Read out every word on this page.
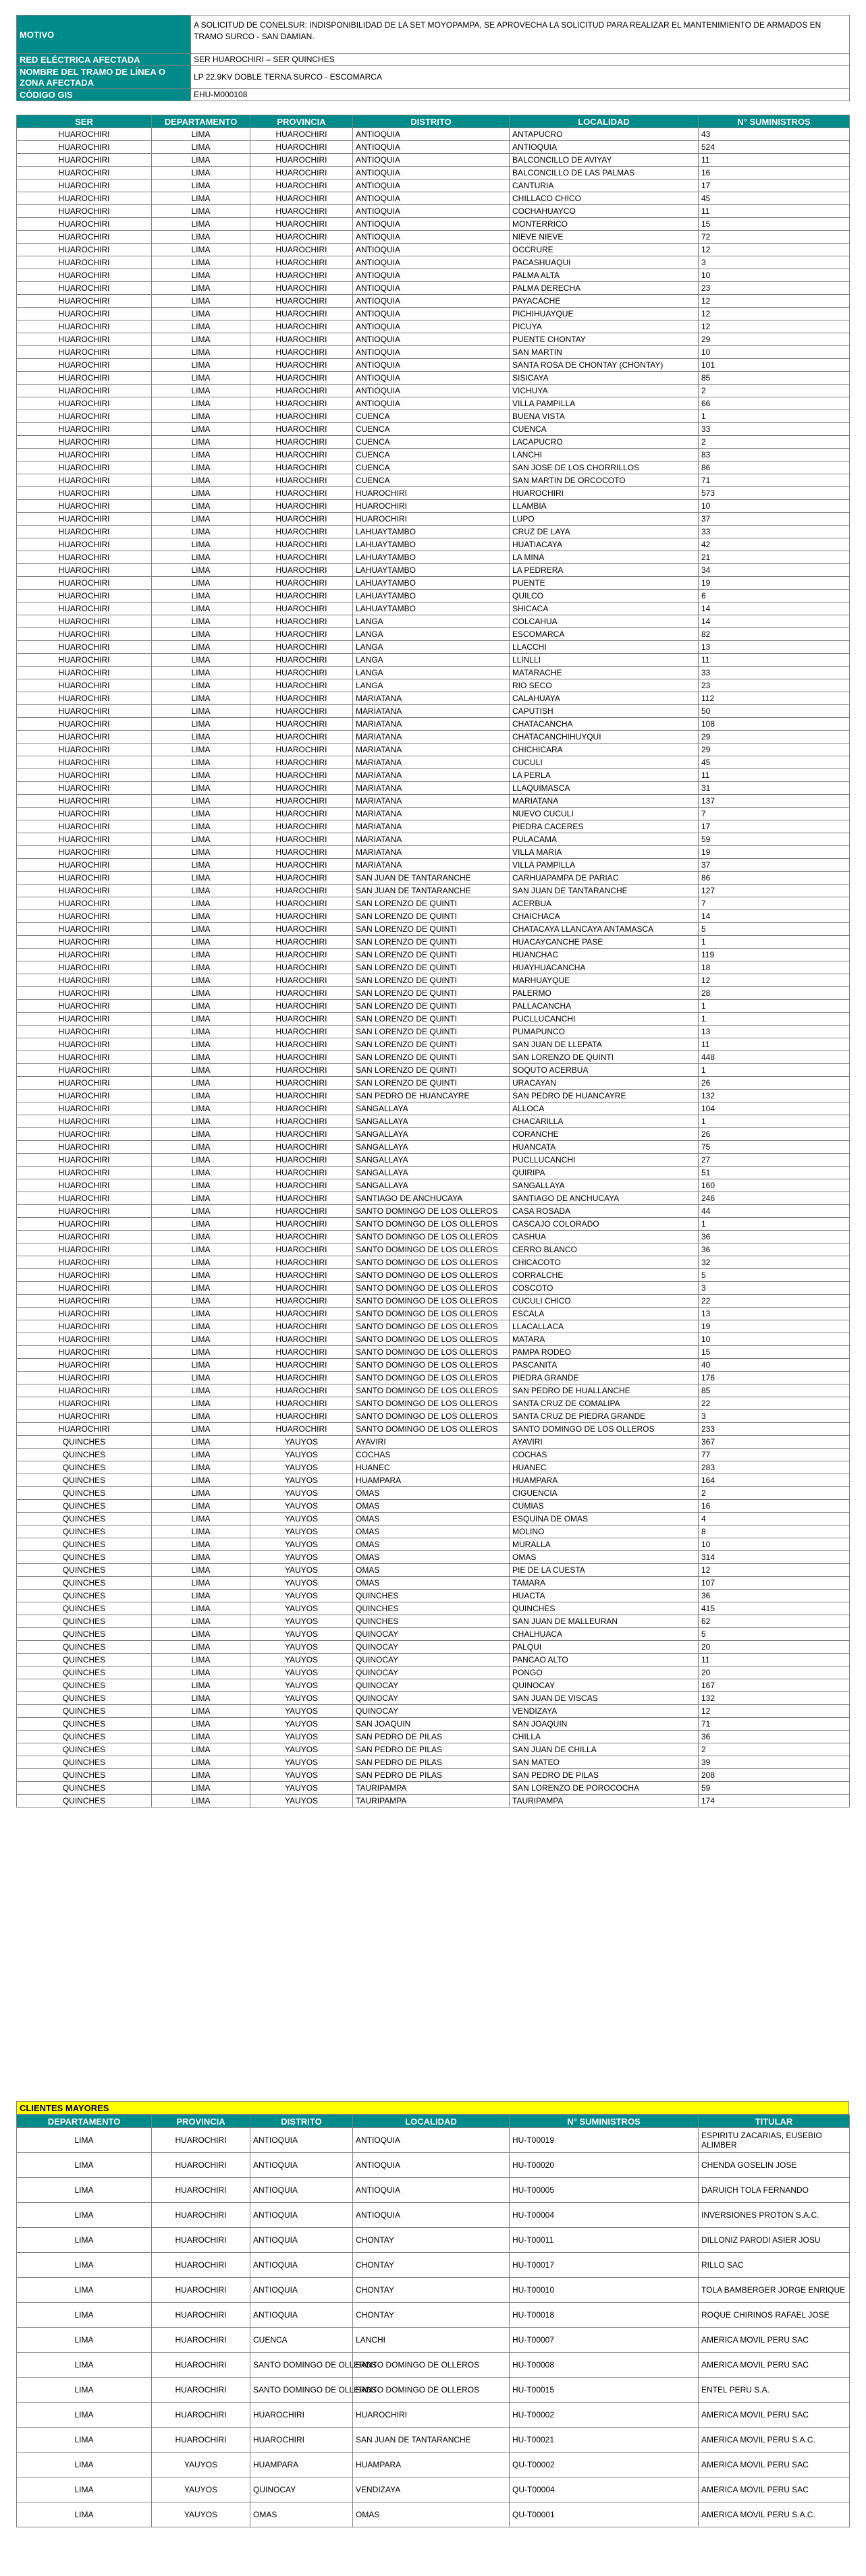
MOTIVO	A SOLICITUD DE CONELSUR: INDISPONIBILIDAD DE LA SET MOYOPAMPA, SE APROVECHA LA SOLICITUD PARA REALIZAR EL MANTENIMIENTO DE ARMADOS EN TRAMO SURCO - SAN DAMIAN.
RED ELÉCTRICA AFECTADA	SER HUAROCHIRI – SER QUINCHES
NOMBRE DEL TRAMO DE LÍNEA O ZONA AFECTADA	LP 22.9KV DOBLE TERNA SURCO - ESCOMARCA
CÓDIGO GIS	EHU-M000108
SER	DEPARTAMENTO	PROVINCIA	DISTRITO	LOCALIDAD	N° SUMINISTROS
HUAROCHIRI	LIMA	HUAROCHIRI	ANTIOQUIA	ANTAPUCRO	43
HUAROCHIRI	LIMA	HUAROCHIRI	ANTIOQUIA	ANTIOQUIA	524
HUAROCHIRI	LIMA	HUAROCHIRI	ANTIOQUIA	BALCONCILLO DE AVIYAY	11
HUAROCHIRI	LIMA	HUAROCHIRI	ANTIOQUIA	BALCONCILLO DE LAS PALMAS	16
HUAROCHIRI	LIMA	HUAROCHIRI	ANTIOQUIA	CANTURIA	17
HUAROCHIRI	LIMA	HUAROCHIRI	ANTIOQUIA	CHILLACO CHICO	45
HUAROCHIRI	LIMA	HUAROCHIRI	ANTIOQUIA	COCHAHUAYCO	11
HUAROCHIRI	LIMA	HUAROCHIRI	ANTIOQUIA	MONTERRICO	15
HUAROCHIRI	LIMA	HUAROCHIRI	ANTIOQUIA	NIEVE NIEVE	72
HUAROCHIRI	LIMA	HUAROCHIRI	ANTIOQUIA	OCCRURE	12
HUAROCHIRI	LIMA	HUAROCHIRI	ANTIOQUIA	PACASHUAQUI	3
HUAROCHIRI	LIMA	HUAROCHIRI	ANTIOQUIA	PALMA ALTA	10
HUAROCHIRI	LIMA	HUAROCHIRI	ANTIOQUIA	PALMA DERECHA	23
HUAROCHIRI	LIMA	HUAROCHIRI	ANTIOQUIA	PAYACACHE	12
HUAROCHIRI	LIMA	HUAROCHIRI	ANTIOQUIA	PICHIHUAYQUE	12
HUAROCHIRI	LIMA	HUAROCHIRI	ANTIOQUIA	PICUYA	12
HUAROCHIRI	LIMA	HUAROCHIRI	ANTIOQUIA	PUENTE CHONTAY	29
HUAROCHIRI	LIMA	HUAROCHIRI	ANTIOQUIA	SAN MARTIN	10
HUAROCHIRI	LIMA	HUAROCHIRI	ANTIOQUIA	SANTA ROSA DE CHONTAY (CHONTAY)	101
HUAROCHIRI	LIMA	HUAROCHIRI	ANTIOQUIA	SISICAYA	85
HUAROCHIRI	LIMA	HUAROCHIRI	ANTIOQUIA	VICHUYA	2
HUAROCHIRI	LIMA	HUAROCHIRI	ANTIOQUIA	VILLA PAMPILLA	66
HUAROCHIRI	LIMA	HUAROCHIRI	CUENCA	BUENA VISTA	1
HUAROCHIRI	LIMA	HUAROCHIRI	CUENCA	CUENCA	33
HUAROCHIRI	LIMA	HUAROCHIRI	CUENCA	LACAPUCRO	2
HUAROCHIRI	LIMA	HUAROCHIRI	CUENCA	LANCHI	83
HUAROCHIRI	LIMA	HUAROCHIRI	CUENCA	SAN JOSE DE LOS CHORRILLOS	86
HUAROCHIRI	LIMA	HUAROCHIRI	CUENCA	SAN MARTIN DE ORCOCOTO	71
HUAROCHIRI	LIMA	HUAROCHIRI	HUAROCHIRI	HUAROCHIRI	573
HUAROCHIRI	LIMA	HUAROCHIRI	HUAROCHIRI	LLAMBIA	10
HUAROCHIRI	LIMA	HUAROCHIRI	HUAROCHIRI	LUPO	37
HUAROCHIRI	LIMA	HUAROCHIRI	LAHUAYTAMBO	CRUZ DE LAYA	33
HUAROCHIRI	LIMA	HUAROCHIRI	LAHUAYTAMBO	HUATIACAYA	42
HUAROCHIRI	LIMA	HUAROCHIRI	LAHUAYTAMBO	LA MINA	21
HUAROCHIRI	LIMA	HUAROCHIRI	LAHUAYTAMBO	LA PEDRERA	34
HUAROCHIRI	LIMA	HUAROCHIRI	LAHUAYTAMBO	PUENTE	19
HUAROCHIRI	LIMA	HUAROCHIRI	LAHUAYTAMBO	QUILCO	6
HUAROCHIRI	LIMA	HUAROCHIRI	LAHUAYTAMBO	SHICACA	14
HUAROCHIRI	LIMA	HUAROCHIRI	LANGA	COLCAHUA	14
HUAROCHIRI	LIMA	HUAROCHIRI	LANGA	ESCOMARCA	82
HUAROCHIRI	LIMA	HUAROCHIRI	LANGA	LLACCHI	13
HUAROCHIRI	LIMA	HUAROCHIRI	LANGA	LLINLLI	11
HUAROCHIRI	LIMA	HUAROCHIRI	LANGA	MATARACHE	33
HUAROCHIRI	LIMA	HUAROCHIRI	LANGA	RIO SECO	23
HUAROCHIRI	LIMA	HUAROCHIRI	MARIATANA	CALAHUAYA	112
HUAROCHIRI	LIMA	HUAROCHIRI	MARIATANA	CAPUTISH	50
HUAROCHIRI	LIMA	HUAROCHIRI	MARIATANA	CHATACANCHA	108
HUAROCHIRI	LIMA	HUAROCHIRI	MARIATANA	CHATACANCHIHUYQUI	29
HUAROCHIRI	LIMA	HUAROCHIRI	MARIATANA	CHICHICARA	29
HUAROCHIRI	LIMA	HUAROCHIRI	MARIATANA	CUCULI	45
HUAROCHIRI	LIMA	HUAROCHIRI	MARIATANA	LA PERLA	11
HUAROCHIRI	LIMA	HUAROCHIRI	MARIATANA	LLAQUIMASCA	31
HUAROCHIRI	LIMA	HUAROCHIRI	MARIATANA	MARIATANA	137
HUAROCHIRI	LIMA	HUAROCHIRI	MARIATANA	NUEVO CUCULI	7
HUAROCHIRI	LIMA	HUAROCHIRI	MARIATANA	PIEDRA CACERES	17
HUAROCHIRI	LIMA	HUAROCHIRI	MARIATANA	PULACAMA	59
HUAROCHIRI	LIMA	HUAROCHIRI	MARIATANA	VILLA MARIA	19
HUAROCHIRI	LIMA	HUAROCHIRI	MARIATANA	VILLA PAMPILLA	37
HUAROCHIRI	LIMA	HUAROCHIRI	SAN JUAN DE TANTARANCHE	CARHUAPAMPA DE PARIAC	86
HUAROCHIRI	LIMA	HUAROCHIRI	SAN JUAN DE TANTARANCHE	SAN JUAN DE TANTARANCHE	127
HUAROCHIRI	LIMA	HUAROCHIRI	SAN LORENZO DE QUINTI	ACERBUA	7
HUAROCHIRI	LIMA	HUAROCHIRI	SAN LORENZO DE QUINTI	CHAICHACA	14
HUAROCHIRI	LIMA	HUAROCHIRI	SAN LORENZO DE QUINTI	CHATACAYA LLANCAYA ANTAMASCA	5
HUAROCHIRI	LIMA	HUAROCHIRI	SAN LORENZO DE QUINTI	HUACAYCANCHE PASE	1
HUAROCHIRI	LIMA	HUAROCHIRI	SAN LORENZO DE QUINTI	HUANCHAC	119
HUAROCHIRI	LIMA	HUAROCHIRI	SAN LORENZO DE QUINTI	HUAYHUACANCHA	18
HUAROCHIRI	LIMA	HUAROCHIRI	SAN LORENZO DE QUINTI	MARHUAYQUE	12
HUAROCHIRI	LIMA	HUAROCHIRI	SAN LORENZO DE QUINTI	PALERMO	28
HUAROCHIRI	LIMA	HUAROCHIRI	SAN LORENZO DE QUINTI	PALLACANCHA	1
HUAROCHIRI	LIMA	HUAROCHIRI	SAN LORENZO DE QUINTI	PUCLLUCANCHI	1
HUAROCHIRI	LIMA	HUAROCHIRI	SAN LORENZO DE QUINTI	PUMAPUNCO	13
HUAROCHIRI	LIMA	HUAROCHIRI	SAN LORENZO DE QUINTI	SAN JUAN DE LLEPATA	11
HUAROCHIRI	LIMA	HUAROCHIRI	SAN LORENZO DE QUINTI	SAN LORENZO DE QUINTI	448
HUAROCHIRI	LIMA	HUAROCHIRI	SAN LORENZO DE QUINTI	SOQUTO ACERBUA	1
HUAROCHIRI	LIMA	HUAROCHIRI	SAN LORENZO DE QUINTI	URACAYAN	26
HUAROCHIRI	LIMA	HUAROCHIRI	SAN PEDRO DE HUANCAYRE	SAN PEDRO DE HUANCAYRE	132
HUAROCHIRI	LIMA	HUAROCHIRI	SANGALLAYA	ALLOCA	104
HUAROCHIRI	LIMA	HUAROCHIRI	SANGALLAYA	CHACARILLA	1
HUAROCHIRI	LIMA	HUAROCHIRI	SANGALLAYA	CORANCHE	26
HUAROCHIRI	LIMA	HUAROCHIRI	SANGALLAYA	HUANCATA	75
HUAROCHIRI	LIMA	HUAROCHIRI	SANGALLAYA	PUCLLUCANCHI	27
HUAROCHIRI	LIMA	HUAROCHIRI	SANGALLAYA	QUIRIPA	51
HUAROCHIRI	LIMA	HUAROCHIRI	SANGALLAYA	SANGALLAYA	160
HUAROCHIRI	LIMA	HUAROCHIRI	SANTIAGO DE ANCHUCAYA	SANTIAGO DE ANCHUCAYA	246
HUAROCHIRI	LIMA	HUAROCHIRI	SANTO DOMINGO DE LOS OLLEROS	CASA ROSADA	44
HUAROCHIRI	LIMA	HUAROCHIRI	SANTO DOMINGO DE LOS OLLEROS	CASCAJO COLORADO	1
HUAROCHIRI	LIMA	HUAROCHIRI	SANTO DOMINGO DE LOS OLLEROS	CASHUA	36
HUAROCHIRI	LIMA	HUAROCHIRI	SANTO DOMINGO DE LOS OLLEROS	CERRO BLANCO	36
HUAROCHIRI	LIMA	HUAROCHIRI	SANTO DOMINGO DE LOS OLLEROS	CHICACOTO	32
HUAROCHIRI	LIMA	HUAROCHIRI	SANTO DOMINGO DE LOS OLLEROS	CORRALCHE	5
HUAROCHIRI	LIMA	HUAROCHIRI	SANTO DOMINGO DE LOS OLLEROS	COSCOTO	3
HUAROCHIRI	LIMA	HUAROCHIRI	SANTO DOMINGO DE LOS OLLEROS	CUCULI CHICO	22
HUAROCHIRI	LIMA	HUAROCHIRI	SANTO DOMINGO DE LOS OLLEROS	ESCALA	13
HUAROCHIRI	LIMA	HUAROCHIRI	SANTO DOMINGO DE LOS OLLEROS	LLACALLACA	19
HUAROCHIRI	LIMA	HUAROCHIRI	SANTO DOMINGO DE LOS OLLEROS	MATARA	10
HUAROCHIRI	LIMA	HUAROCHIRI	SANTO DOMINGO DE LOS OLLEROS	PAMPA RODEO	15
HUAROCHIRI	LIMA	HUAROCHIRI	SANTO DOMINGO DE LOS OLLEROS	PASCANITA	40
HUAROCHIRI	LIMA	HUAROCHIRI	SANTO DOMINGO DE LOS OLLEROS	PIEDRA GRANDE	176
HUAROCHIRI	LIMA	HUAROCHIRI	SANTO DOMINGO DE LOS OLLEROS	SAN PEDRO DE HUALLANCHE	85
HUAROCHIRI	LIMA	HUAROCHIRI	SANTO DOMINGO DE LOS OLLEROS	SANTA CRUZ DE COMALIPA	22
HUAROCHIRI	LIMA	HUAROCHIRI	SANTO DOMINGO DE LOS OLLEROS	SANTA CRUZ DE PIEDRA GRANDE	3
HUAROCHIRI	LIMA	HUAROCHIRI	SANTO DOMINGO DE LOS OLLEROS	SANTO DOMINGO DE LOS OLLEROS	233
QUINCHES	LIMA	YAUYOS	AYAVIRI	AYAVIRI	367
QUINCHES	LIMA	YAUYOS	COCHAS	COCHAS	77
QUINCHES	LIMA	YAUYOS	HUANEC	HUANEC	283
QUINCHES	LIMA	YAUYOS	HUAMPARA	HUAMPARA	164
QUINCHES	LIMA	YAUYOS	OMAS	CIGUENCIA	2
QUINCHES	LIMA	YAUYOS	OMAS	CUMIAS	16
QUINCHES	LIMA	YAUYOS	OMAS	ESQUINA DE OMAS	4
QUINCHES	LIMA	YAUYOS	OMAS	MOLINO	8
QUINCHES	LIMA	YAUYOS	OMAS	MURALLA	10
QUINCHES	LIMA	YAUYOS	OMAS	OMAS	314
QUINCHES	LIMA	YAUYOS	OMAS	PIE DE LA CUESTA	12
QUINCHES	LIMA	YAUYOS	OMAS	TAMARA	107
QUINCHES	LIMA	YAUYOS	QUINCHES	HUACTA	36
QUINCHES	LIMA	YAUYOS	QUINCHES	QUINCHES	415
QUINCHES	LIMA	YAUYOS	QUINCHES	SAN JUAN DE MALLEURAN	62
QUINCHES	LIMA	YAUYOS	QUINOCAY	CHALHUACA	5
QUINCHES	LIMA	YAUYOS	QUINOCAY	PALQUI	20
QUINCHES	LIMA	YAUYOS	QUINOCAY	PANCAO ALTO	11
QUINCHES	LIMA	YAUYOS	QUINOCAY	PONGO	20
QUINCHES	LIMA	YAUYOS	QUINOCAY	QUINOCAY	167
QUINCHES	LIMA	YAUYOS	QUINOCAY	SAN JUAN DE VISCAS	132
QUINCHES	LIMA	YAUYOS	QUINOCAY	VENDIZAYA	12
QUINCHES	LIMA	YAUYOS	SAN JOAQUIN	SAN JOAQUIN	71
QUINCHES	LIMA	YAUYOS	SAN PEDRO DE PILAS	CHILLA	36
QUINCHES	LIMA	YAUYOS	SAN PEDRO DE PILAS	SAN JUAN DE CHILLA	2
QUINCHES	LIMA	YAUYOS	SAN PEDRO DE PILAS	SAN MATEO	39
QUINCHES	LIMA	YAUYOS	SAN PEDRO DE PILAS	SAN PEDRO DE PILAS	208
QUINCHES	LIMA	YAUYOS	TAURIPAMPA	SAN LORENZO DE POROCOCHA	59
QUINCHES	LIMA	YAUYOS	TAURIPAMPA	TAURIPAMPA	174
CLIENTES MAYORES
DEPARTAMENTO	PROVINCIA	DISTRITO	LOCALIDAD	N° SUMINISTROS	TITULAR
LIMA	HUAROCHIRI	ANTIOQUIA	ANTIOQUIA	HU-T00019	ESPIRITU ZACARIAS, EUSEBIO ALIMBER
LIMA	HUAROCHIRI	ANTIOQUIA	ANTIOQUIA	HU-T00020	CHENDA GOSELIN JOSE
LIMA	HUAROCHIRI	ANTIOQUIA	ANTIOQUIA	HU-T00005	DARUICH TOLA FERNANDO
LIMA	HUAROCHIRI	ANTIOQUIA	ANTIOQUIA	HU-T00004	INVERSIONES PROTON S.A.C.
LIMA	HUAROCHIRI	ANTIOQUIA	CHONTAY	HU-T00011	DILLONIZ PARODI ASIER JOSU
LIMA	HUAROCHIRI	ANTIOQUIA	CHONTAY	HU-T00017	RILLO SAC
LIMA	HUAROCHIRI	ANTIOQUIA	CHONTAY	HU-T00010	TOLA BAMBERGER JORGE ENRIQUE
LIMA	HUAROCHIRI	ANTIOQUIA	CHONTAY	HU-T00018	ROQUE CHIRINOS RAFAEL JOSE
LIMA	HUAROCHIRI	CUENCA	LANCHI	HU-T00007	AMERICA MOVIL PERU SAC
LIMA	HUAROCHIRI	SANTO DOMINGO DE OLLEROS	SANTO DOMINGO DE OLLEROS	HU-T00008	AMERICA MOVIL PERU SAC
LIMA	HUAROCHIRI	SANTO DOMINGO DE OLLEROS	SANTO DOMINGO DE OLLEROS	HU-T00015	ENTEL PERU S.A.
LIMA	HUAROCHIRI	HUAROCHIRI	HUAROCHIRI	HU-T00002	AMERICA MOVIL PERU SAC
LIMA	HUAROCHIRI	HUAROCHIRI	SAN JUAN DE TANTARANCHE	HU-T00021	AMERICA MOVIL PERU S.A.C.
LIMA	YAUYOS	HUAMPARA	HUAMPARA	QU-T00002	AMERICA MOVIL PERU SAC
LIMA	YAUYOS	QUINOCAY	VENDIZAYA	QU-T00004	AMERICA MOVIL PERU SAC
LIMA	YAUYOS	OMAS	OMAS	QU-T00001	AMERICA MOVIL PERU S.A.C.
